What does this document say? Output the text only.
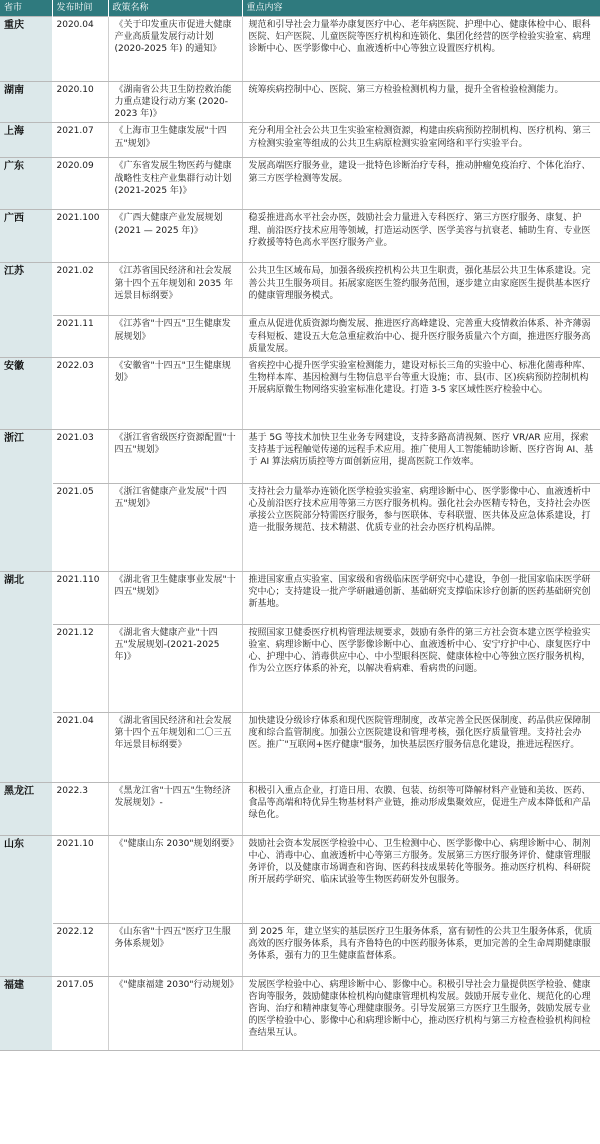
省市	发布时间	政策名称	重点内容
重庆	2020.04	《关于印发重庆市促进大健康产业高质量发展行动计划 (2020-2025 年) 的通知》	规范和引导社会力量举办康复医疗中心、老年病医院、护理中心、健康体检中心、眼科医院、妇产医院、儿童医院等医疗机构和连锁化、集团化经营的医学检验实验室、病理诊断中心、医学影像中心、血液透析中心等独立设置医疗机构。
湖南	2020.10	《湖南省公共卫生防控救治能力重点建设行动方案 (2020-2023 年)》	统筹疾病控制中心、医院、第三方检验检测机构力量，提升全省检验检测能力。
上海	2021.07	《上海市卫生健康发展"十四五"规划》	充分利用全社会公共卫生实验室检测资源，构建由疾病预防控制机构、医疗机构、第三方检测实验室等组成的公共卫生病原检测实验室网络和平行实验平台。
广东	2020.09	《广东省发展生物医药与健康战略性支柱产业集群行动计划(2021-2025 年)》	发展高端医疗服务业，建设一批特色诊断治疗专科，推动肿瘤免疫治疗、个体化治疗、第三方医学检测等发展。
广西	2021.100	《广西大健康产业发展规划(2021 — 2025 年)》	稳妥推进高水平社会办医，鼓励社会力量进入专科医疗、第三方医疗服务、康复、护理、前沿医疗技术应用等领域，打造运动医学、医学美容与抗衰老、辅助生育、专业医疗救援等特色高水平医疗服务产业。
江苏	2021.02	《江苏省国民经济和社会发展第十四个五年规划和 2035 年远景目标纲要》	公共卫生区域布局，加强各级疾控机构公共卫生职责，强化基层公共卫生体系建设。完善公共卫生服务项目。拓展家庭医生签约服务范围，逐步建立由家庭医生提供基本医疗的健康管理服务模式。
	2021.11	《江苏省"十四五"卫生健康发展规划》	重点从促进优质资源均衡发展、推进医疗高峰建设、完善重大疫情救治体系、补齐薄弱专科短板、建设五大危急重症救治中心、提升医疗服务质量六个方面，推进医疗服务高质量发展。
安徽	2022.03	《安徽省"十四五"卫生健康规划》	省疾控中心提升医学实验室检测能力，建设对标长三角的实验中心、标准化菌毒种库、生物样本库、基因检测与生物信息平台等重大设施；市、县(市、区)疾病预防控制机构开展病原微生物网络实验室标准化建设。打造 3-5 家区域性医疗检验中心。
浙江	2021.03	《浙江省省级医疗资源配置"十四五"规划》	基于 5G 等技术加快卫生业务专网建设，支持多路高清视频、医疗 VR/AR 应用，探索支持基于远程触觉传递的远程手术应用。推广使用人工智能辅助诊断、医疗咨询 AI、基于 AI 算法病历质控等方面创新应用，提高医院工作效率。
	2021.05	《浙江省健康产业发展"十四五"规划》	支持社会力量举办连锁化医学检验实验室、病理诊断中心、医学影像中心、血液透析中心及前沿医疗技术应用等第三方医疗服务机构。强化社会办医精专特色，支持社会办医承接公立医院部分特需医疗服务，参与医联体、专科联盟、医共体及应急体系建设，打造一批服务规范、技术精湛、优质专业的社会办医疗机构品牌。
湖北	2021.110	《湖北省卫生健康事业发展"十四五"规划》	推进国家重点实验室、国家级和省级临床医学研究中心建设，争创一批国家临床医学研究中心；支持建设一批产学研融通创新、基础研究支撑临床诊疗创新的医药基础研究创新基地。
	2021.12	《湖北省大健康产业"十四五"发展规划-(2021-2025 年)》	按照国家卫健委医疗机构管理法规要求，鼓励有条件的第三方社会资本建立医学检验实验室、病理诊断中心、医学影像诊断中心、血液透析中心、安宁疗护中心、康复医疗中心、护理中心、消毒供应中心、中小型眼科医院、健康体检中心等独立医疗服务机构，作为公立医疗体系的补充，以解决看病难、看病贵的问题。
	2021.04	《湖北省国民经济和社会发展第十四个五年规划和二〇三五年远景目标纲要》	加快建设分级诊疗体系和现代医院管理制度，改革完善全民医保制度、药品供应保障制度和综合监管制度。加强公立医院建设和管理考核，强化医疗质量管理。支持社会办医。推广"互联网+医疗健康"服务，加快基层医疗服务信息化建设，推进远程医疗。
黑龙江	2022.3	《黑龙江省"十四五"生物经济发展规划》-	积极引入重点企业，打造日用、农膜、包装、纺织等可降解材料产业链和美妆、医药、食品等高端和特优异生物基材料产业链，推动形成集聚效应，促进生产成本降低和产品绿色化。
山东	2021.10	《"健康山东 2030"规划纲要》	鼓励社会资本发展医学检验中心、卫生检测中心、医学影像中心、病理诊断中心、制剂中心、消毒中心、血液透析中心等第三方服务。发展第三方医疗服务评价、健康管理服务评价，以及健康市场调查和咨询、医药科技成果转化等服务。推动医疗机构、科研院所开展药学研究、临床试验等生物医药研发外包服务。
	2022.12	《山东省"十四五"医疗卫生服务体系规划》	到 2025 年，建立坚实的基层医疗卫生服务体系，富有韧性的公共卫生服务体系，优质高效的医疗服务体系，具有齐鲁特色的中医药服务体系，更加完善的全生命周期健康服务体系，强有力的卫生健康监督体系。
福建	2017.05	《"健康福建 2030"行动规划》	发展医学检验中心、病理诊断中心、影像中心。积极引导社会力量提供医学检验、健康咨询等服务，鼓励健康体检机构向健康管理机构发展。鼓励开展专业化、规范化的心理咨询、治疗和精神康复等心理健康服务。引导发展第三方医疗卫生服务，鼓励发展专业的医学检验中心、影像中心和病理诊断中心，推动医疗机构与第三方检查检验机构间检查结果互认。
